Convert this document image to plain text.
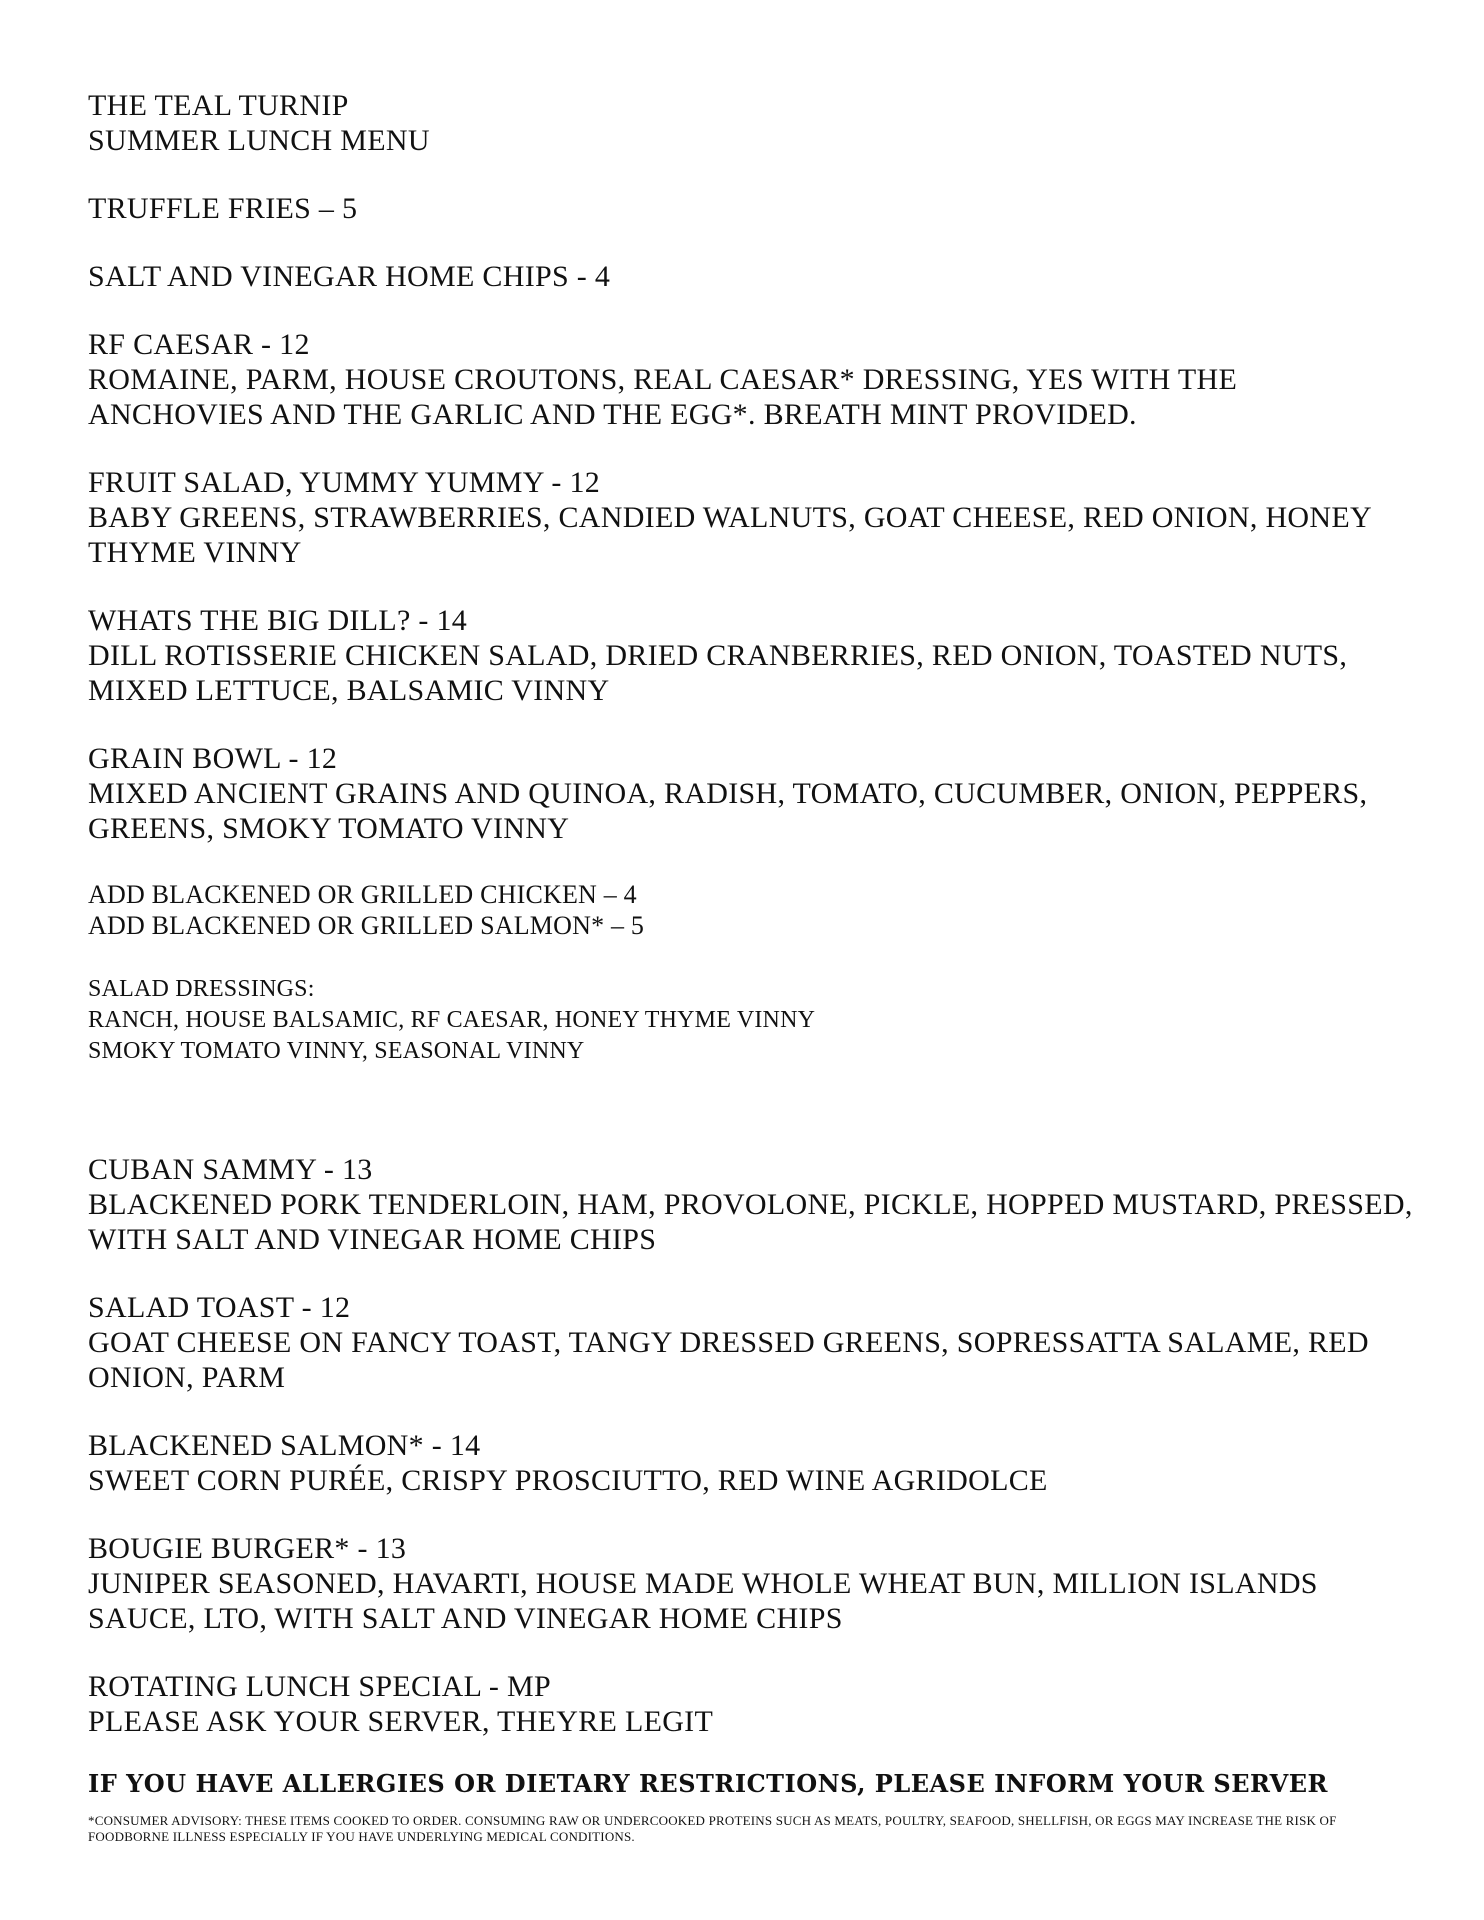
THE TEAL TURNIP
SUMMER LUNCH MENU
TRUFFLE FRIES – 5
SALT AND VINEGAR HOME CHIPS - 4
RF CAESAR - 12
ROMAINE, PARM, HOUSE CROUTONS, REAL CAESAR* DRESSING, YES WITH THE ANCHOVIES AND THE GARLIC AND THE EGG*. BREATH MINT PROVIDED.
FRUIT SALAD, YUMMY YUMMY - 12
BABY GREENS, STRAWBERRIES, CANDIED WALNUTS, GOAT CHEESE, RED ONION, HONEY THYME VINNY
WHATS THE BIG DILL? - 14
DILL ROTISSERIE CHICKEN SALAD, DRIED CRANBERRIES, RED ONION, TOASTED NUTS, MIXED LETTUCE, BALSAMIC VINNY
GRAIN BOWL - 12
MIXED ANCIENT GRAINS AND QUINOA, RADISH, TOMATO, CUCUMBER, ONION, PEPPERS, GREENS, SMOKY TOMATO VINNY
ADD BLACKENED OR GRILLED CHICKEN – 4
ADD BLACKENED OR GRILLED SALMON* – 5
SALAD DRESSINGS:
RANCH, HOUSE BALSAMIC, RF CAESAR, HONEY THYME VINNY
SMOKY TOMATO VINNY, SEASONAL VINNY
CUBAN SAMMY - 13
BLACKENED PORK TENDERLOIN, HAM, PROVOLONE, PICKLE, HOPPED MUSTARD, PRESSED, WITH SALT AND VINEGAR HOME CHIPS
SALAD TOAST - 12
GOAT CHEESE ON FANCY TOAST, TANGY DRESSED GREENS, SOPRESSATTA SALAME, RED ONION, PARM
BLACKENED SALMON* - 14
SWEET CORN PURÉE, CRISPY PROSCIUTTO, RED WINE AGRIDOLCE
BOUGIE BURGER* - 13
JUNIPER SEASONED, HAVARTI, HOUSE MADE WHOLE WHEAT BUN, MILLION ISLANDS SAUCE, LTO, WITH SALT AND VINEGAR HOME CHIPS
ROTATING LUNCH SPECIAL - MP
PLEASE ASK YOUR SERVER, THEYRE LEGIT
IF YOU HAVE ALLERGIES OR DIETARY RESTRICTIONS, PLEASE INFORM YOUR SERVER
*CONSUMER ADVISORY: THESE ITEMS COOKED TO ORDER. CONSUMING RAW OR UNDERCOOKED PROTEINS SUCH AS MEATS, POULTRY, SEAFOOD, SHELLFISH, OR EGGS MAY INCREASE THE RISK OF FOODBORNE ILLNESS ESPECIALLY IF YOU HAVE UNDERLYING MEDICAL CONDITIONS.
